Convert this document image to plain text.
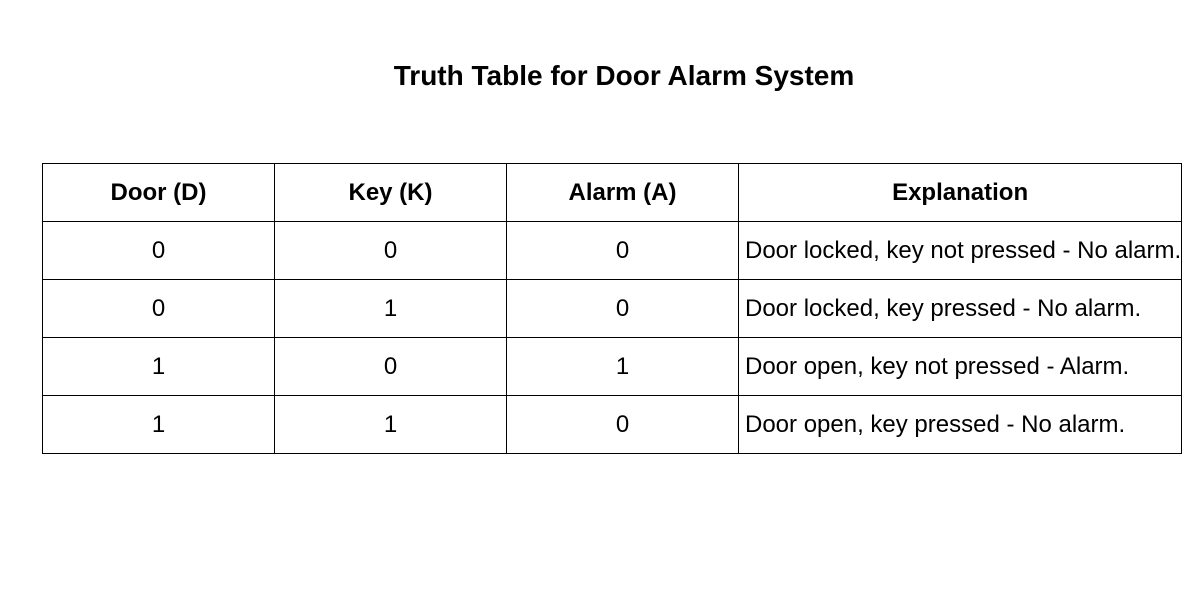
Truth Table for Door Alarm System
Door (D)	Key (K)	Alarm (A)	Explanation
0	0	0	Door locked, key not pressed - No alarm.
0	1	0	Door locked, key pressed - No alarm.
1	0	1	Door open, key not pressed - Alarm.
1	1	0	Door open, key pressed - No alarm.
